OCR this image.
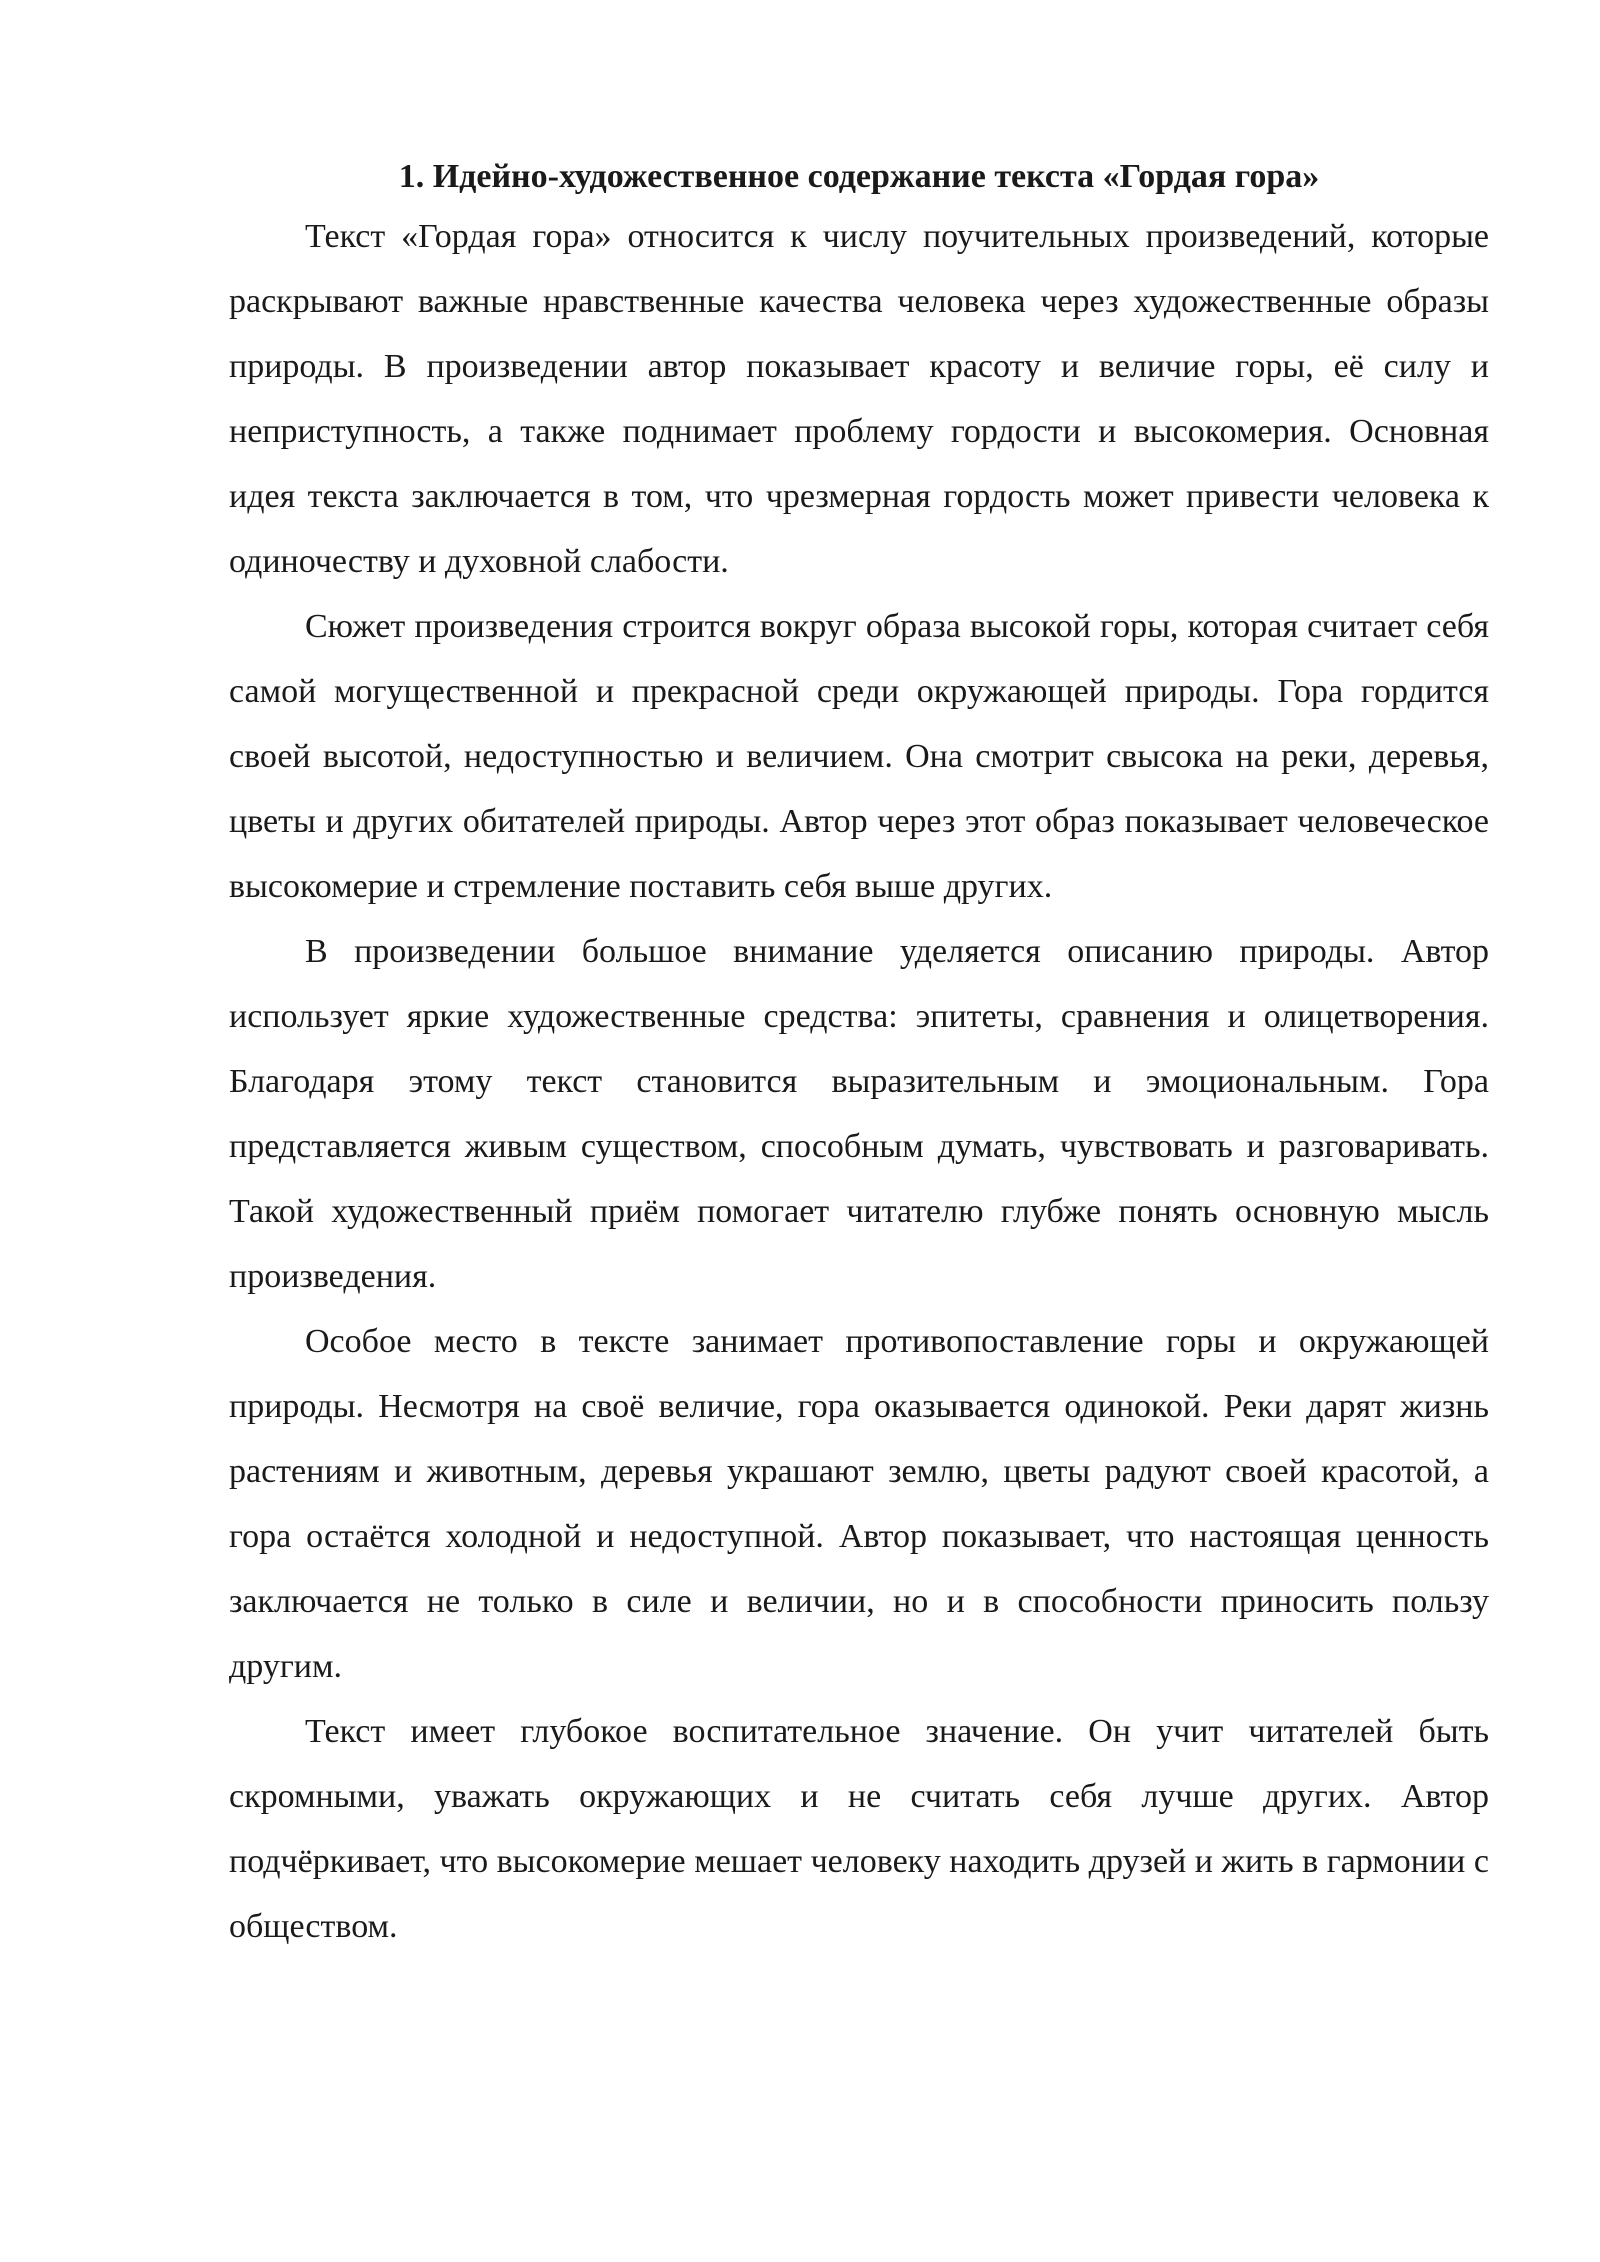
1. Идейно-художественное содержание текста «Гордая гора»

Текст «Гордая гора» относится к числу поучительных произведений, которые раскрывают важные нравственные качества человека через художественные образы природы. В произведении автор показывает красоту и величие горы, её силу и неприступность, а также поднимает проблему гордости и высокомерия. Основная идея текста заключается в том, что чрезмерная гордость может привести человека к одиночеству и духовной слабости.

Сюжет произведения строится вокруг образа высокой горы, которая считает себя самой могущественной и прекрасной среди окружающей природы. Гора гордится своей высотой, недоступностью и величием. Она смотрит свысока на реки, деревья, цветы и других обитателей природы. Автор через этот образ показывает человеческое высокомерие и стремление поставить себя выше других.

В произведении большое внимание уделяется описанию природы. Автор использует яркие художественные средства: эпитеты, сравнения и олицетворения. Благодаря этому текст становится выразительным и эмоциональным. Гора представляется живым существом, способным думать, чувствовать и разговаривать. Такой художественный приём помогает читателю глубже понять основную мысль произведения.

Особое место в тексте занимает противопоставление горы и окружающей природы. Несмотря на своё величие, гора оказывается одинокой. Реки дарят жизнь растениям и животным, деревья украшают землю, цветы радуют своей красотой, а гора остаётся холодной и недоступной. Автор показывает, что настоящая ценность заключается не только в силе и величии, но и в способности приносить пользу другим.

Текст имеет глубокое воспитательное значение. Он учит читателей быть скромными, уважать окружающих и не считать себя лучше других. Автор подчёркивает, что высокомерие мешает человеку находить друзей и жить в гармонии с обществом.
